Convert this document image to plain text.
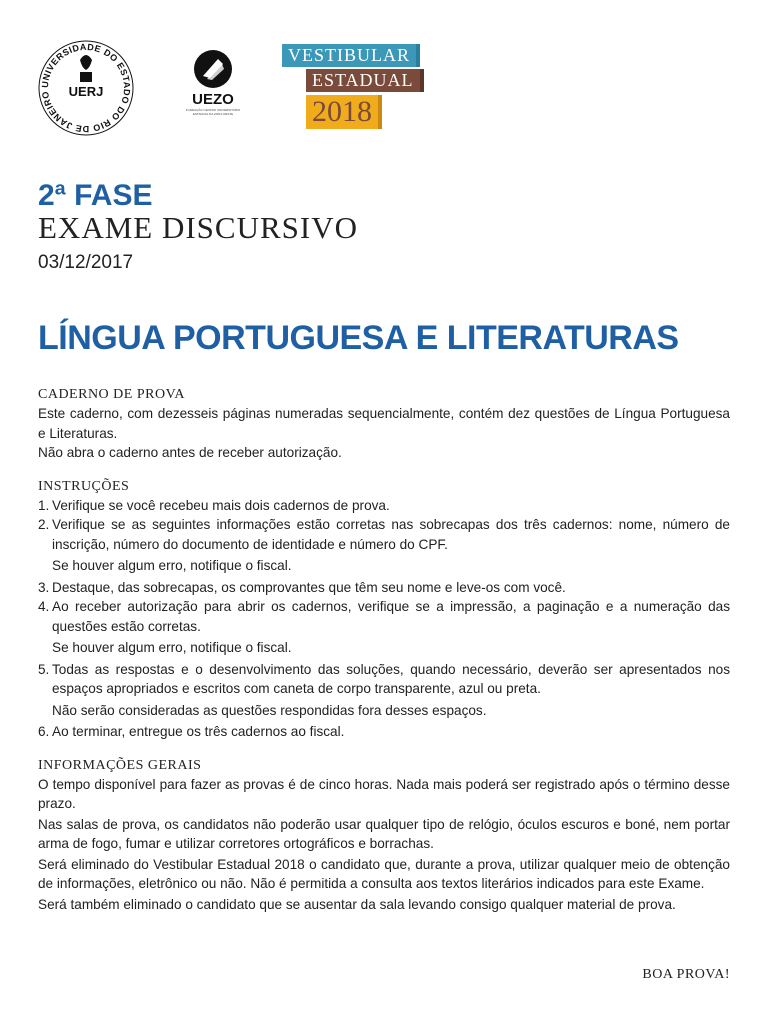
UNIVERSIDADE DO ESTADO DO RIO DE JANEIRO	UERJ	UEZO
FUNDAÇÃO CENTRO UNIVERSITÁRIO ESTADUAL DA ZONA OESTE
VESTIBULAR
ESTADUAL
2018
2ª FASE
EXAME DISCURSIVO
03/12/2017
LÍNGUA PORTUGUESA E LITERATURAS

CADERNO DE PROVA

Este caderno, com dezesseis páginas numeradas sequencialmente, contém dez questões de Língua Portuguesa e Literaturas.

Não abra o caderno antes de receber autorização.

INSTRUÇÕES

1. Verifique se você recebeu mais dois cadernos de prova.
2. Verifique se as seguintes informações estão corretas nas sobrecapas dos três cadernos: nome, número de inscrição, número do documento de identidade e número do CPF.
Se houver algum erro, notifique o fiscal.
3. Destaque, das sobrecapas, os comprovantes que têm seu nome e leve-os com você.
4. Ao receber autorização para abrir os cadernos, verifique se a impressão, a paginação e a numeração das questões estão corretas.
Se houver algum erro, notifique o fiscal.
5. Todas as respostas e o desenvolvimento das soluções, quando necessário, deverão ser apresentados nos espaços apropriados e escritos com caneta de corpo transparente, azul ou preta.
Não serão consideradas as questões respondidas fora desses espaços.
6. Ao terminar, entregue os três cadernos ao fiscal.

INFORMAÇÕES GERAIS

O tempo disponível para fazer as provas é de cinco horas. Nada mais poderá ser registrado após o término desse prazo.

Nas salas de prova, os candidatos não poderão usar qualquer tipo de relógio, óculos escuros e boné, nem portar arma de fogo, fumar e utilizar corretores ortográficos e borrachas.

Será eliminado do Vestibular Estadual 2018 o candidato que, durante a prova, utilizar qualquer meio de obtenção de informações, eletrônico ou não. Não é permitida a consulta aos textos literários indicados para este Exame.

Será também eliminado o candidato que se ausentar da sala levando consigo qualquer material de prova.

BOA PROVA!
